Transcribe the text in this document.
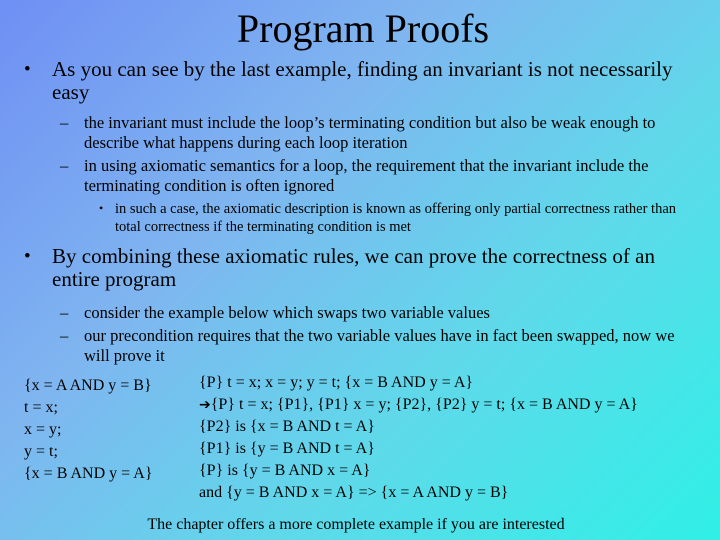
Program Proofs
• As you can see by the last example, finding an invariant is not necessarily easy
– the invariant must include the loop’s terminating condition but also be weak enough to describe what happens during each loop iteration
– in using axiomatic semantics for a loop, the requirement that the invariant include the terminating condition is often ignored
• in such a case, the axiomatic description is known as offering only partial correctness rather than total correctness if the terminating condition is met
• By combining these axiomatic rules, we can prove the correctness of an entire program
– consider the example below which swaps two variable values
– our precondition requires that the two variable values have in fact been swapped, now we will prove it
{x = A AND y = B}
t = x;
x = y;
y = t;
{x = B AND y = A}
{P} t = x; x = y; y = t; {x = B AND y = A}
➔{P} t = x; {P1}, {P1} x = y; {P2}, {P2} y = t; {x = B AND y = A}
{P2} is {x = B AND t = A}
{P1} is {y = B AND t = A}
{P} is {y = B AND x = A}
and {y = B AND x = A} => {x = A AND y = B}
The chapter offers a more complete example if you are interested
